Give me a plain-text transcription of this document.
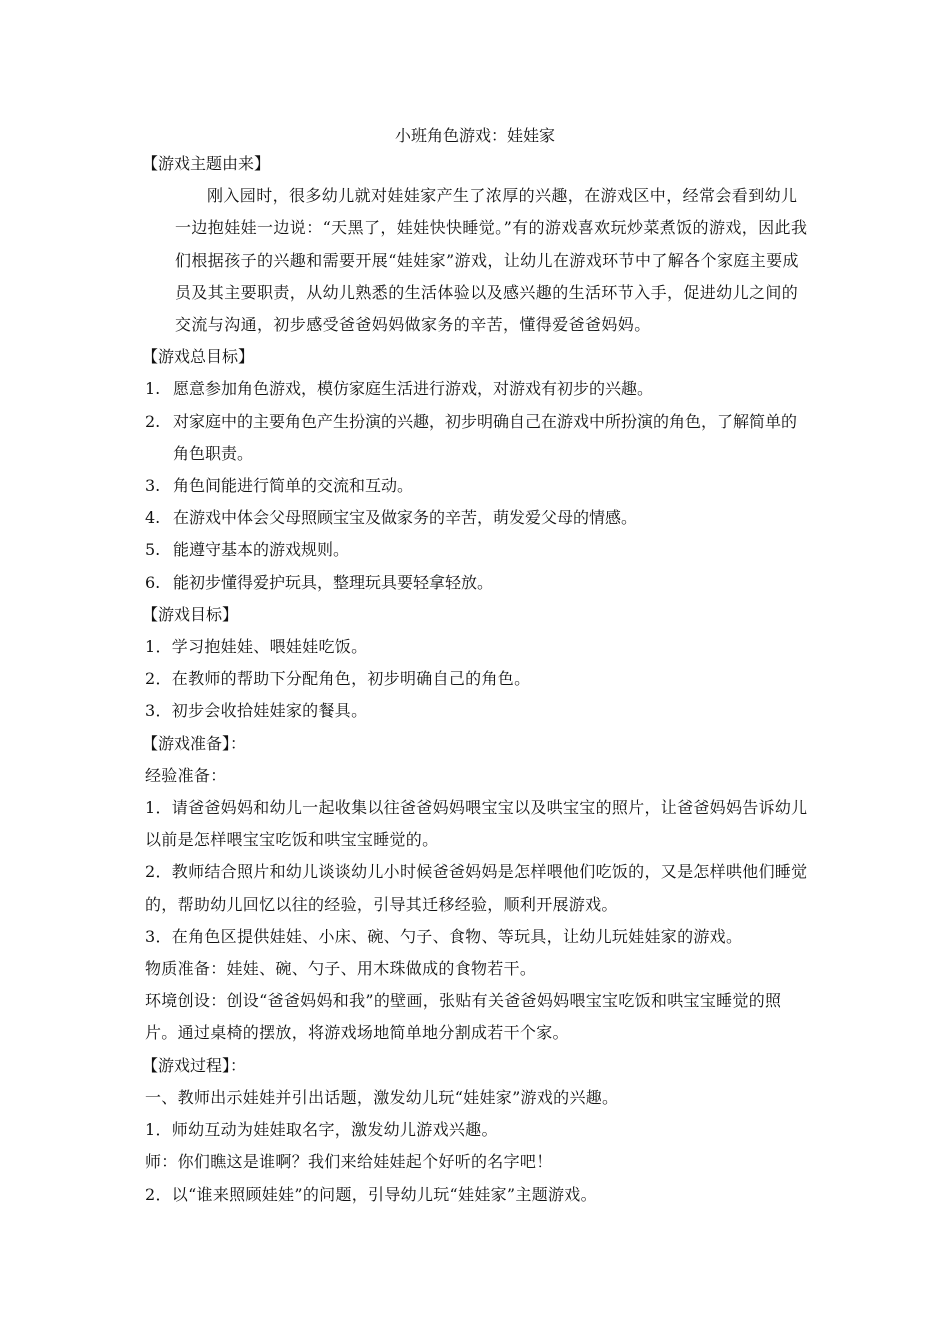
小班角色游戏：娃娃家

【游戏主题由来】

刚入园时，很多幼儿就对娃娃家产生了浓厚的兴趣，在游戏区中，经常会看到幼儿一边抱娃娃一边说：“天黑了，娃娃快快睡觉。”有的游戏喜欢玩炒菜煮饭的游戏，因此我们根据孩子的兴趣和需要开展“娃娃家”游戏，让幼儿在游戏环节中了解各个家庭主要成员及其主要职责，从幼儿熟悉的生活体验以及感兴趣的生活环节入手，促进幼儿之间的交流与沟通，初步感受爸爸妈妈做家务的辛苦，懂得爱爸爸妈妈。

【游戏总目标】

1. 愿意参加角色游戏，模仿家庭生活进行游戏，对游戏有初步的兴趣。
2. 对家庭中的主要角色产生扮演的兴趣，初步明确自己在游戏中所扮演的角色，了解简单的角色职责。
3. 角色间能进行简单的交流和互动。
4. 在游戏中体会父母照顾宝宝及做家务的辛苦，萌发爱父母的情感。
5. 能遵守基本的游戏规则。
6. 能初步懂得爱护玩具，整理玩具要轻拿轻放。

【游戏目标】

1．学习抱娃娃、喂娃娃吃饭。

2．在教师的帮助下分配角色，初步明确自己的角色。

3．初步会收拾娃娃家的餐具。

【游戏准备】：

经验准备：

1．请爸爸妈妈和幼儿一起收集以往爸爸妈妈喂宝宝以及哄宝宝的照片，让爸爸妈妈告诉幼儿以前是怎样喂宝宝吃饭和哄宝宝睡觉的。

2．教师结合照片和幼儿谈谈幼儿小时候爸爸妈妈是怎样喂他们吃饭的，又是怎样哄他们睡觉的，帮助幼儿回忆以往的经验，引导其迁移经验，顺利开展游戏。

3．在角色区提供娃娃、小床、碗、勺子、食物、等玩具，让幼儿玩娃娃家的游戏。

物质准备：娃娃、碗、勺子、用木珠做成的食物若干。

环境创设：创设“爸爸妈妈和我”的壁画，张贴有关爸爸妈妈喂宝宝吃饭和哄宝宝睡觉的照片。通过桌椅的摆放，将游戏场地简单地分割成若干个家。

【游戏过程】：

一、教师出示娃娃并引出话题，激发幼儿玩“娃娃家”游戏的兴趣。

1．师幼互动为娃娃取名字，激发幼儿游戏兴趣。

师：你们瞧这是谁啊？我们来给娃娃起个好听的名字吧！

2．以“谁来照顾娃娃”的问题，引导幼儿玩“娃娃家”主题游戏。
